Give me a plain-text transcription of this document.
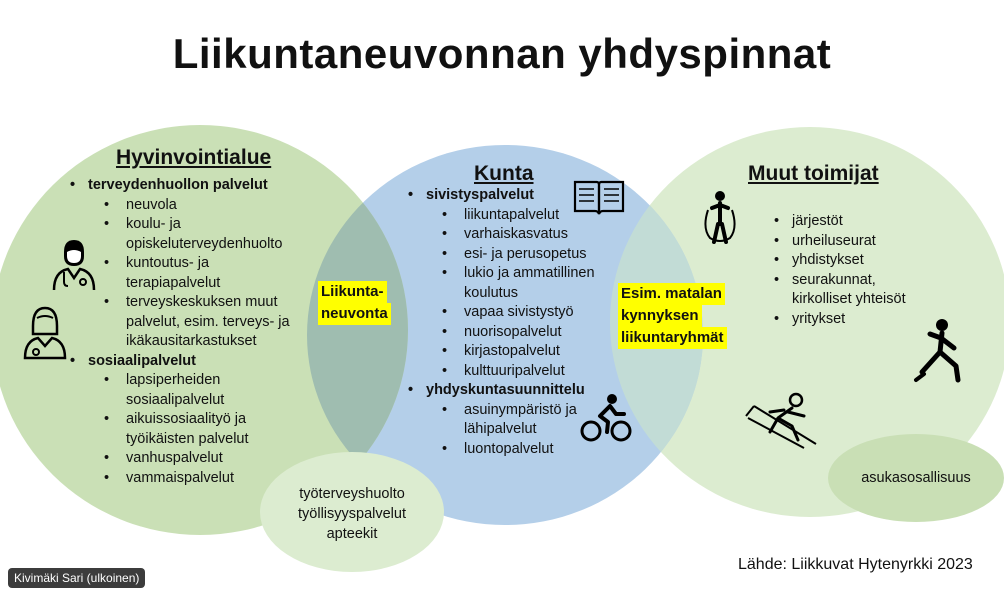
Liikuntaneuvonnan yhdyspinnat
Hyvinvointialue
• terveydenhuollon palvelut
• neuvola
• koulu- ja
opiskeluterveydenhuolto
• kuntoutus- ja
terapiapalvelut
• terveyskeskuksen muut
palvelut, esim. terveys- ja
ikäkausitarkastukset
• sosiaalipalvelut
• lapsiperheiden
sosiaalipalvelut
• aikuissosiaalityö ja
työikäisten palvelut
• vanhuspalvelut
• vammaispalvelut
Kunta
• sivistyspalvelut
• liikuntapalvelut
• varhaiskasvatus
• esi- ja perusopetus
• lukio ja ammatillinen
koulutus
• vapaa sivistystyö
• nuorisopalvelut
• kirjastopalvelut
• kulttuuripalvelut
• yhdyskuntasuunnittelu
• asuinympäristö ja
lähipalvelut
• luontopalvelut
Muut toimijat
• järjestöt
• urheiluseurat
• yhdistykset
• seurakunnat,
kirkolliset yhteisöt
• yritykset
Liikunta-
neuvonta
Esim. matalan
kynnyksen
liikuntaryhmät
työterveyshuolto
työllisyyspalvelut
apteekit
asukasosallisuus
Lähde: Liikkuvat Hytenyrkki 2023
Kivimäki Sari (ulkoinen)
